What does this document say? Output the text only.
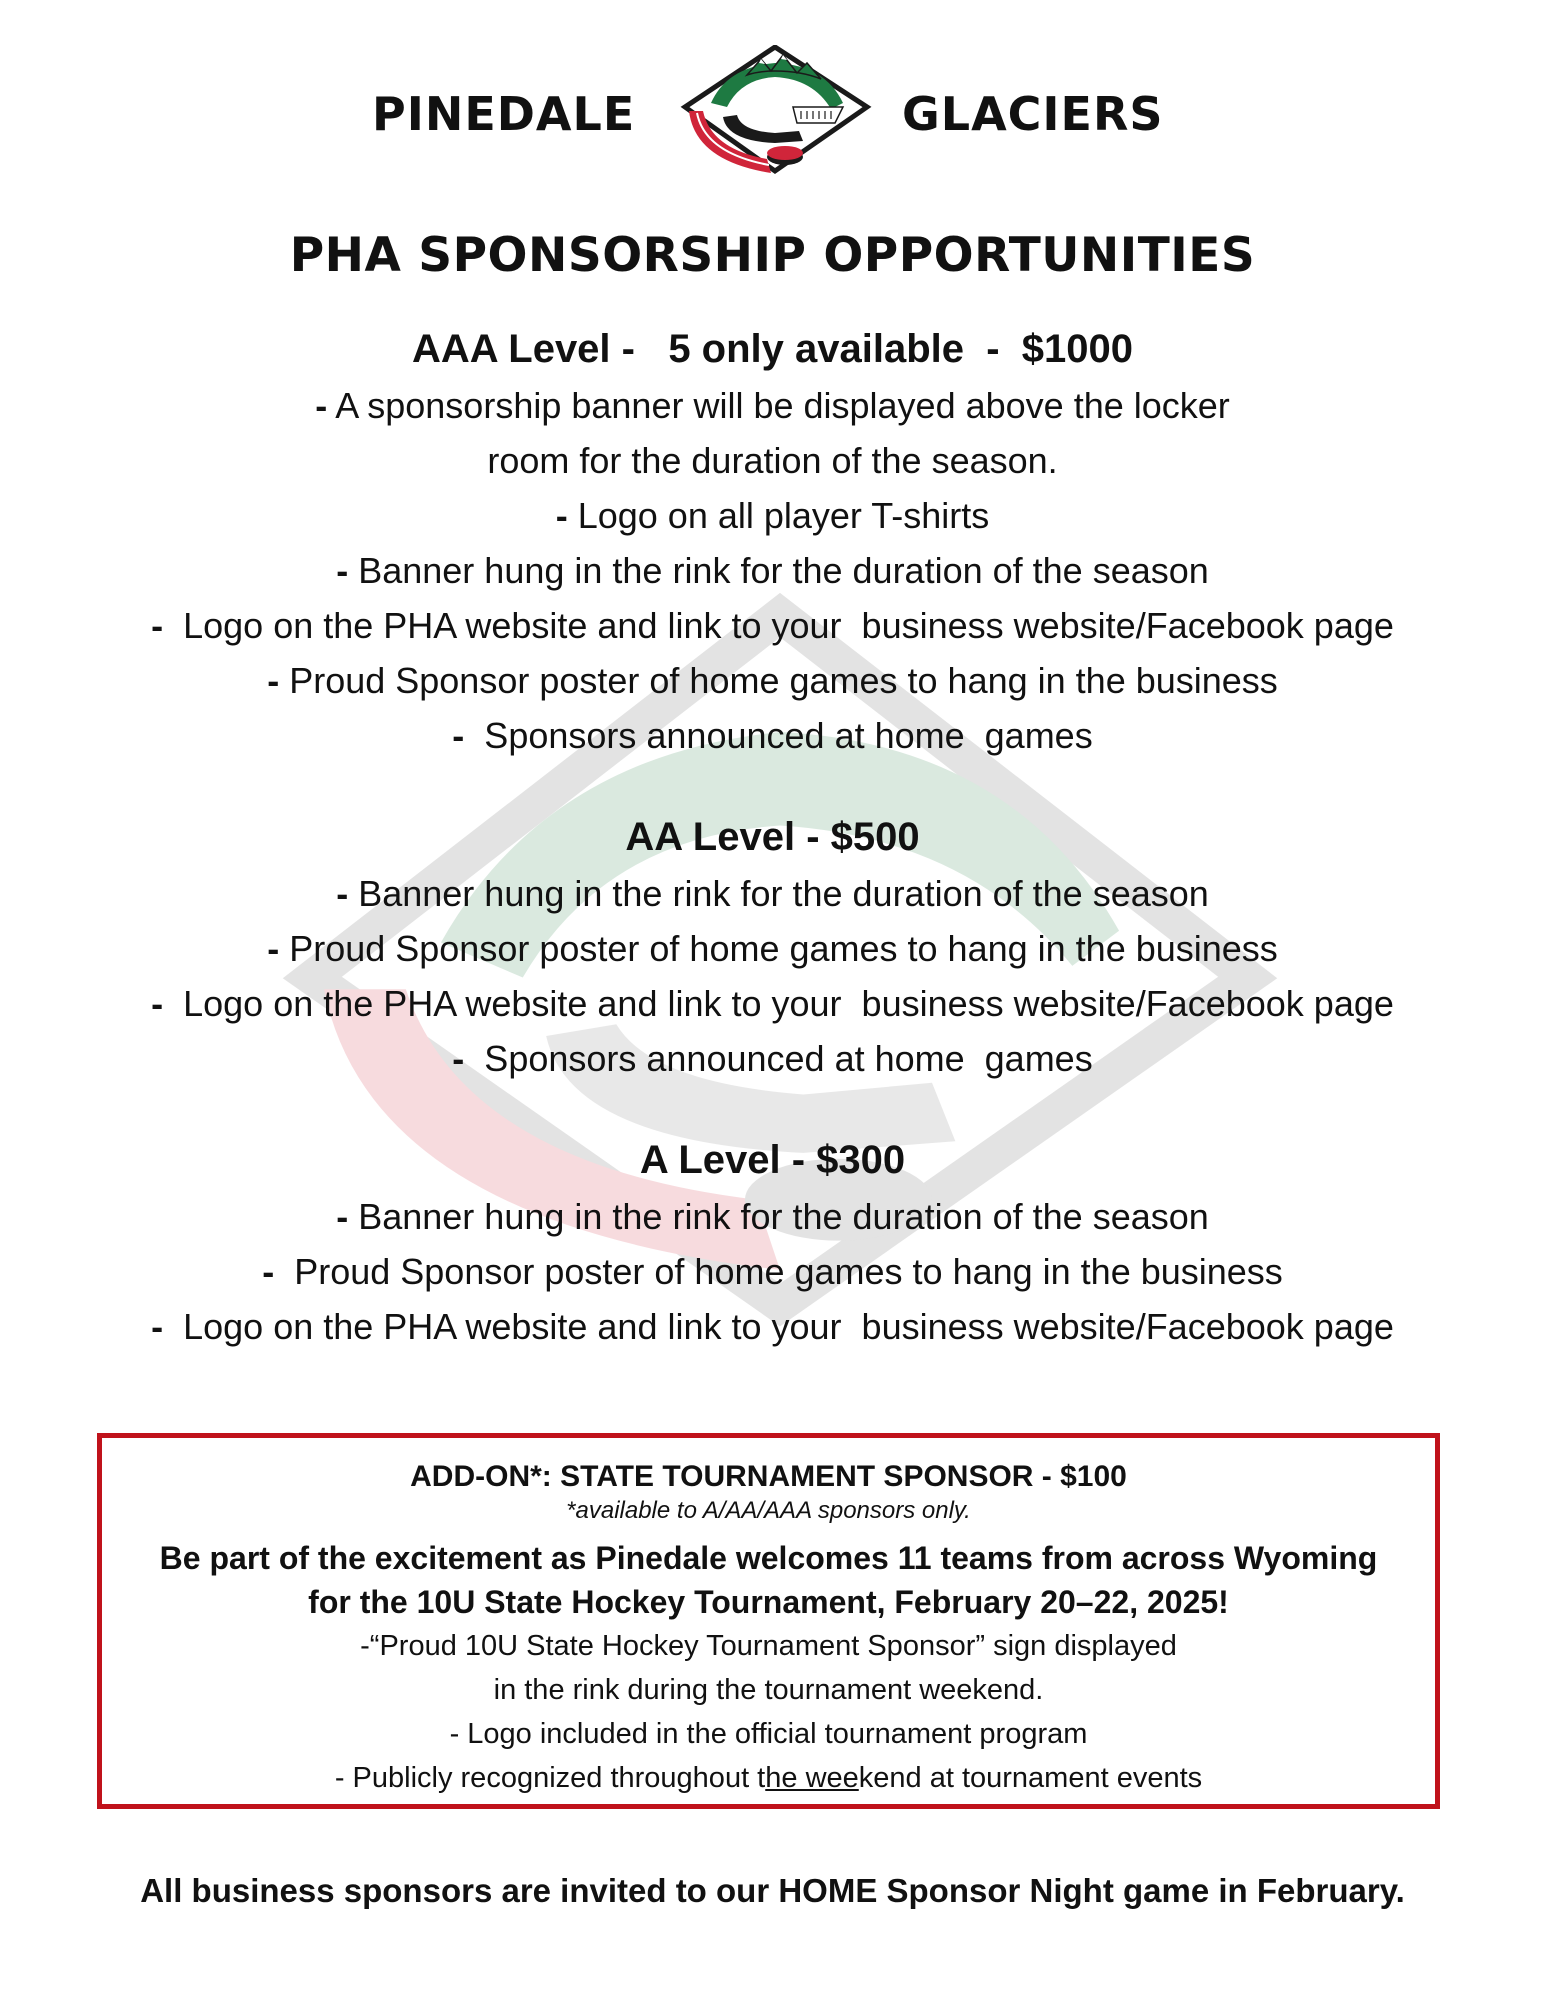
PINEDALE	GLACIERS
PHA SPONSORSHIP OPPORTUNITIES

AAA Level -   5 only available  -  $1000

- A sponsorship banner will be displayed above the locker

room for the duration of the season.

- Logo on all player T-shirts

- Banner hung in the rink for the duration of the season

-  Logo on the PHA website and link to your  business website/Facebook page

- Proud Sponsor poster of home games to hang in the business

-  Sponsors announced at home  games

AA Level - $500

- Banner hung in the rink for the duration of the season

- Proud Sponsor poster of home games to hang in the business

-  Logo on the PHA website and link to your  business website/Facebook page

-  Sponsors announced at home  games

A Level - $300

- Banner hung in the rink for the duration of the season

-  Proud Sponsor poster of home games to hang in the business

-  Logo on the PHA website and link to your  business website/Facebook page

ADD-ON*: STATE TOURNAMENT SPONSOR - $100
*available to A/AA/AAA sponsors only.
Be part of the excitement as Pinedale welcomes 11 teams from across Wyoming
for the 10U State Hockey Tournament, February 20–22, 2025!
-“Proud 10U State Hockey Tournament Sponsor” sign displayed
in the rink during the tournament weekend.
- Logo included in the official tournament program
- Publicly recognized throughout the weekend at tournament events
All business sponsors are invited to our HOME Sponsor Night game in February.
